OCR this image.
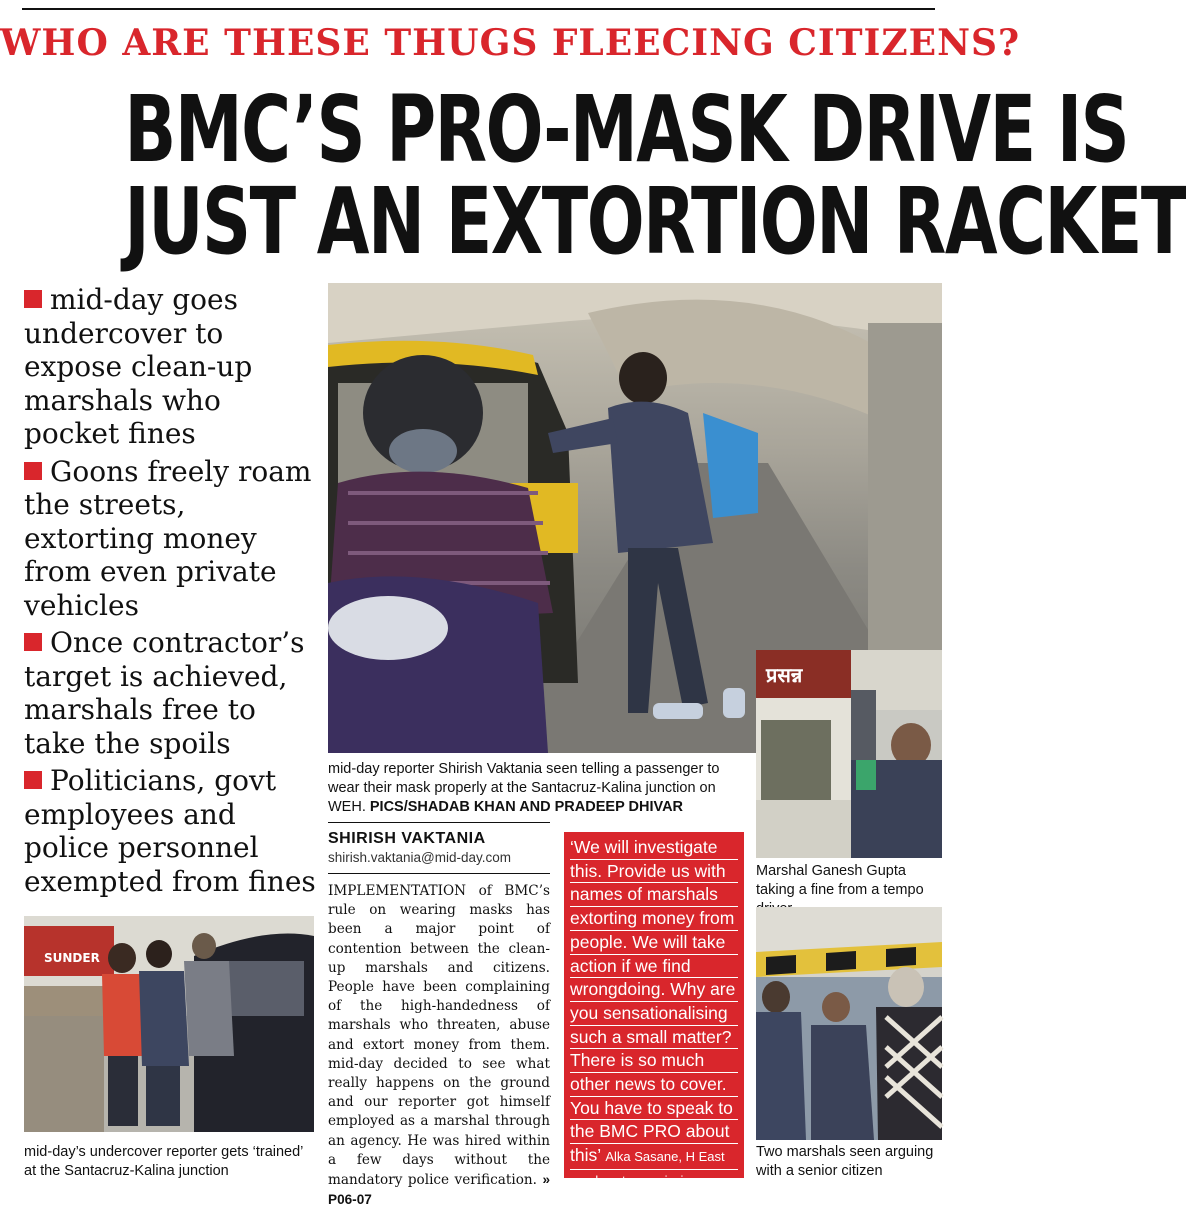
WHO ARE THESE THUGS FLEECING CITIZENS?
BMC’S PRO-MASK DRIVE IS
JUST AN EXTORTION RACKET
mid-day goes undercover to expose clean-up marshals who pocket fines
Goons freely roam the streets, extorting money from even private vehicles
Once contractor’s target is achieved, marshals free to take the spoils
Politicians, govt employees and police personnel exempted from fines
mid-day reporter Shirish Vaktania seen telling a passenger to wear their mask properly at the Santacruz-Kalina junction on WEH. PICS/SHADAB KHAN AND PRADEEP DHIVAR
प्रसन्न
Marshal Ganesh Gupta taking a fine from a tempo
SHIRISH VAKTANIA
shirish.vaktania@mid-day.com
IMPLEMENTATION of BMC’s rule on wearing masks has been a major point of contention between the clean-up marshals and citizens. People have been complaining of the high-handedness of marshals who threaten, abuse and extort money from them. mid-day decided to see what really happens on the ground and our reporter got himself employed as a marshal through an agency. He was hired within a few days without the mandatory police verification. » P06-07
‘We will investigate
this. Provide us with
names of marshals
extorting money from
people. We will take
action if we find
wrongdoing. Why are
you sensationalising
such a small matter?
There is so much
other news to cover.
You have to speak to
the BMC PRO about
this’ Alka Sasane, H East
ward asst commissioner
SUNDER
mid-day’s undercover reporter gets ‘trained’ at the Santacruz-Kalina junction
Two marshals seen arguing with a senior citizen
